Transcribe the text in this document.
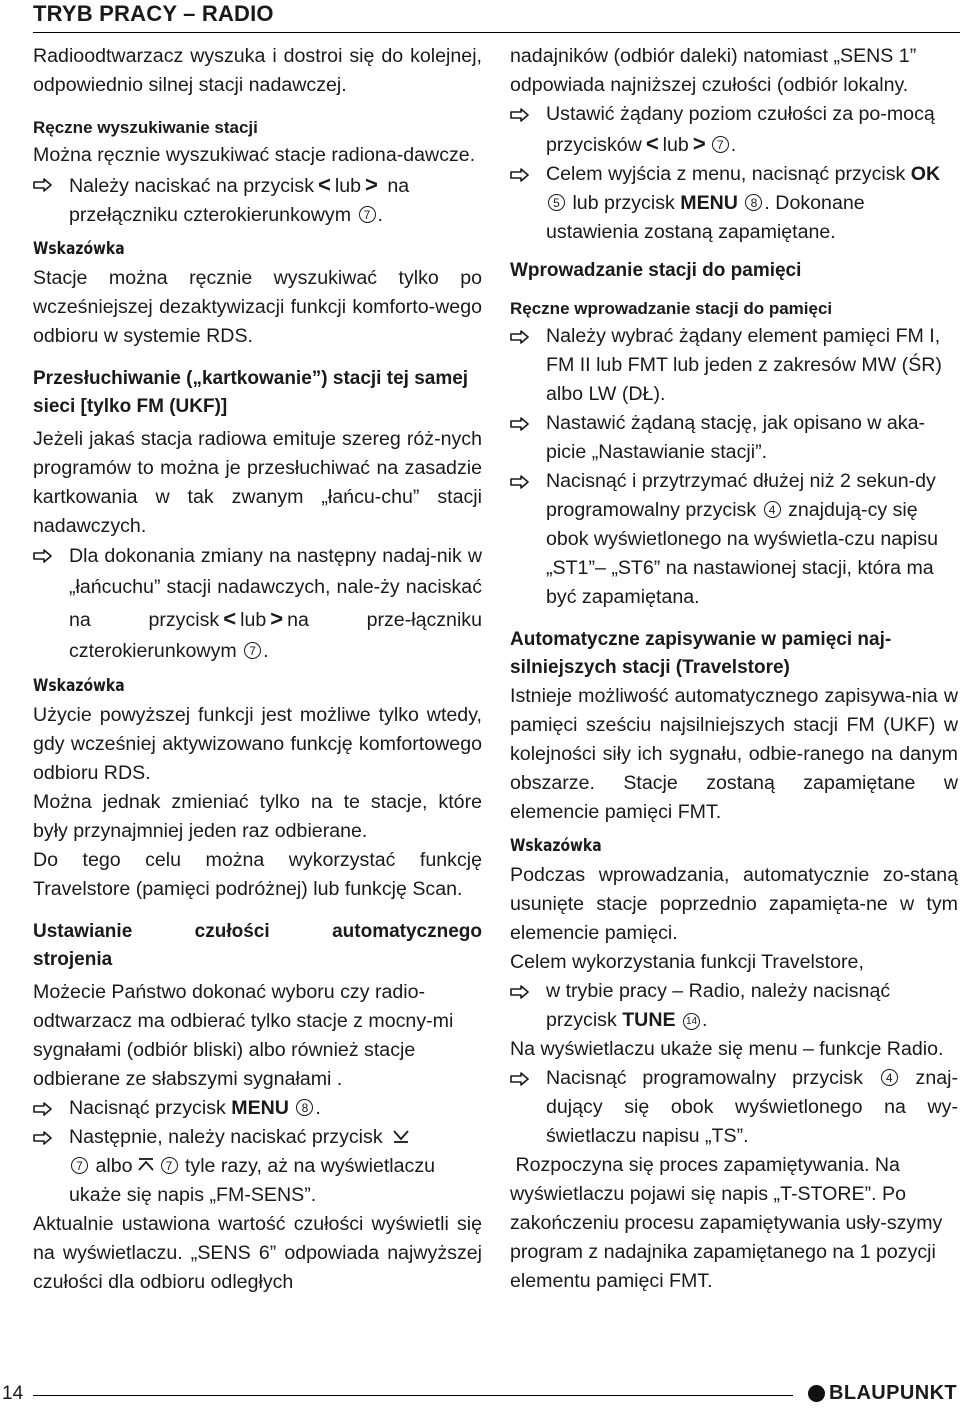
TRYB PRACY – RADIO

Radioodtwarzacz wyszuka i dostroi się do kolejnej, odpowiednio silnej stacji nadawczej.

Ręczne wyszukiwanie stacji

Można ręcznie wyszukiwać stacje radiona-dawcze.

Należy naciskać na przycisk < lub > na przełączniku czterokierunkowym 7 .
Wskazówka

Stacje można ręcznie wyszukiwać tylko po wcześniejszej dezaktywizacji funkcji komforto-wego odbioru w systemie RDS.

Przesłuchiwanie („kartkowanie”) stacji tej samej sieci [tylko FM (UKF)]

Jeżeli jakaś stacja radiowa emituje szereg róż-nych programów to można je przesłuchiwać na zasadzie kartkowania w tak zwanym „łańcu-chu” stacji nadawczych.

Dla dokonania zmiany na następny nadaj-nik w „łańcuchu” stacji nadawczych, nale-ży naciskać na przycisk < lub > na prze-łączniku czterokierunkowym 7 .
Wskazówka

Użycie powyższej funkcji jest możliwe tylko wtedy, gdy wcześniej aktywizowano funkcję komfortowego odbioru RDS.

Można jednak zmieniać tylko na te stacje, które były przynajmniej jeden raz odbierane.

Do tego celu można wykorzystać funkcję Travelstore (pamięci podróżnej) lub funkcję Scan.

Ustawianie czułości automatycznego strojenia

Możecie Państwo dokonać wyboru czy radio-odtwarzacz ma odbierać tylko stacje z mocny-mi sygnałami (odbiór bliski) albo również stacje odbierane ze słabszymi sygnałami .

Nacisnąć przycisk MENU 8 .
Następnie, należy naciskać przycisk
7 albo	7 tyle razy, aż na wyświetlaczu ukaże się napis „FM-SENS”.

Aktualnie ustawiona wartość czułości wyświetli się na wyświetlaczu. „SENS 6” odpowiada najwyższej czułości dla odbioru odległych

nadajników (odbiór daleki) natomiast „SENS 1” odpowiada najniższej czułości (odbiór lokalny.

Ustawić żądany poziom czułości za po-mocą przycisków < lub > 7 .
Celem wyjścia z menu, nacisnąć przycisk OK 5 lub przycisk MENU 8 . Dokonane ustawienia zostaną zapamiętane.

Wprowadzanie stacji do pamięci

Ręczne wprowadzanie stacji do pamięci

Należy wybrać żądany element pamięci FM I, FM II lub FMT lub jeden z zakresów MW (ŚR) albo LW (DŁ).
Nastawić żądaną stację, jak opisano w aka-picie „Nastawianie stacji”.
Nacisnąć i przytrzymać dłużej niż 2 sekun-dy programowalny przycisk 4 znajdują-cy się obok wyświetlonego na wyświetla-czu napisu „ST1”– „ST6” na nastawionej stacji, która ma być zapamiętana.

Automatyczne zapisywanie w pamięci naj-silniejszych stacji (Travelstore)

Istnieje możliwość automatycznego zapisywa-nia w pamięci sześciu najsilniejszych stacji FM (UKF) w kolejności siły ich sygnału, odbie-ranego na danym obszarze. Stacje zostaną zapamiętane w elemencie pamięci FMT.

Wskazówka

Podczas wprowadzania, automatycznie zo-staną usunięte stacje poprzednio zapamięta-ne w tym elemencie pamięci.

Celem wykorzystania funkcji Travelstore,

w trybie pracy – Radio, należy nacisnąć przycisk TUNE 14 .

Na wyświetlaczu ukaże się menu – funkcje Radio.

Nacisnąć programowalny przycisk 4 znaj-dujący się obok wyświetlonego na wy-świetlaczu napisu „TS”.

Rozpoczyna się proces zapamiętywania. Na wyświetlaczu pojawi się napis „T-STORE”. Po zakończeniu procesu zapamiętywania usły-szymy program z nadajnika zapamiętanego na 1 pozycji elementu pamięci FMT.

14	BLAUPUNKT
